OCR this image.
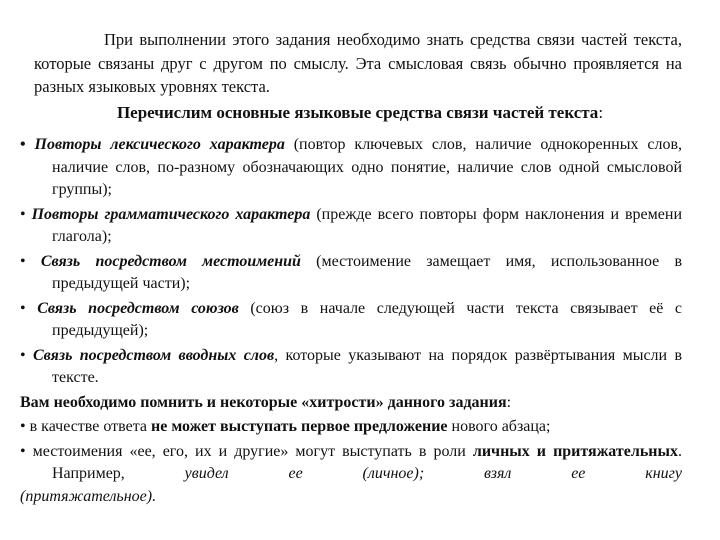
При выполнении этого задания необходимо знать средства связи частей текста, которые связаны друг с другом по смыслу. Эта смысловая связь обычно проявляется на разных языковых уровнях текста.

Перечислим основные языковые средства связи частей текста:

• Повторы лексического характера (повтор ключевых слов, наличие однокоренных слов, наличие слов, по-разному обозначающих одно понятие, наличие слов одной смысловой группы);
• Повторы грамматического характера (прежде всего повторы форм наклонения и времени глагола);
• Связь посредством местоимений (местоимение замещает имя, использованное в предыдущей части);
• Связь посредством союзов (союз в начале следующей части текста связывает её с предыдущей);
• Связь посредством вводных слов, которые указывают на порядок развёртывания мысли в тексте.
Вам необходимо помнить и некоторые «хитрости» данного задания:
• в качестве ответа не может выступать первое предложение нового абзаца;
• местоимения «ее, его, их и другие» могут выступать в роли личных и притяжательных. Например, увидел ее (личное); взял ее книгу
(притяжательное).
